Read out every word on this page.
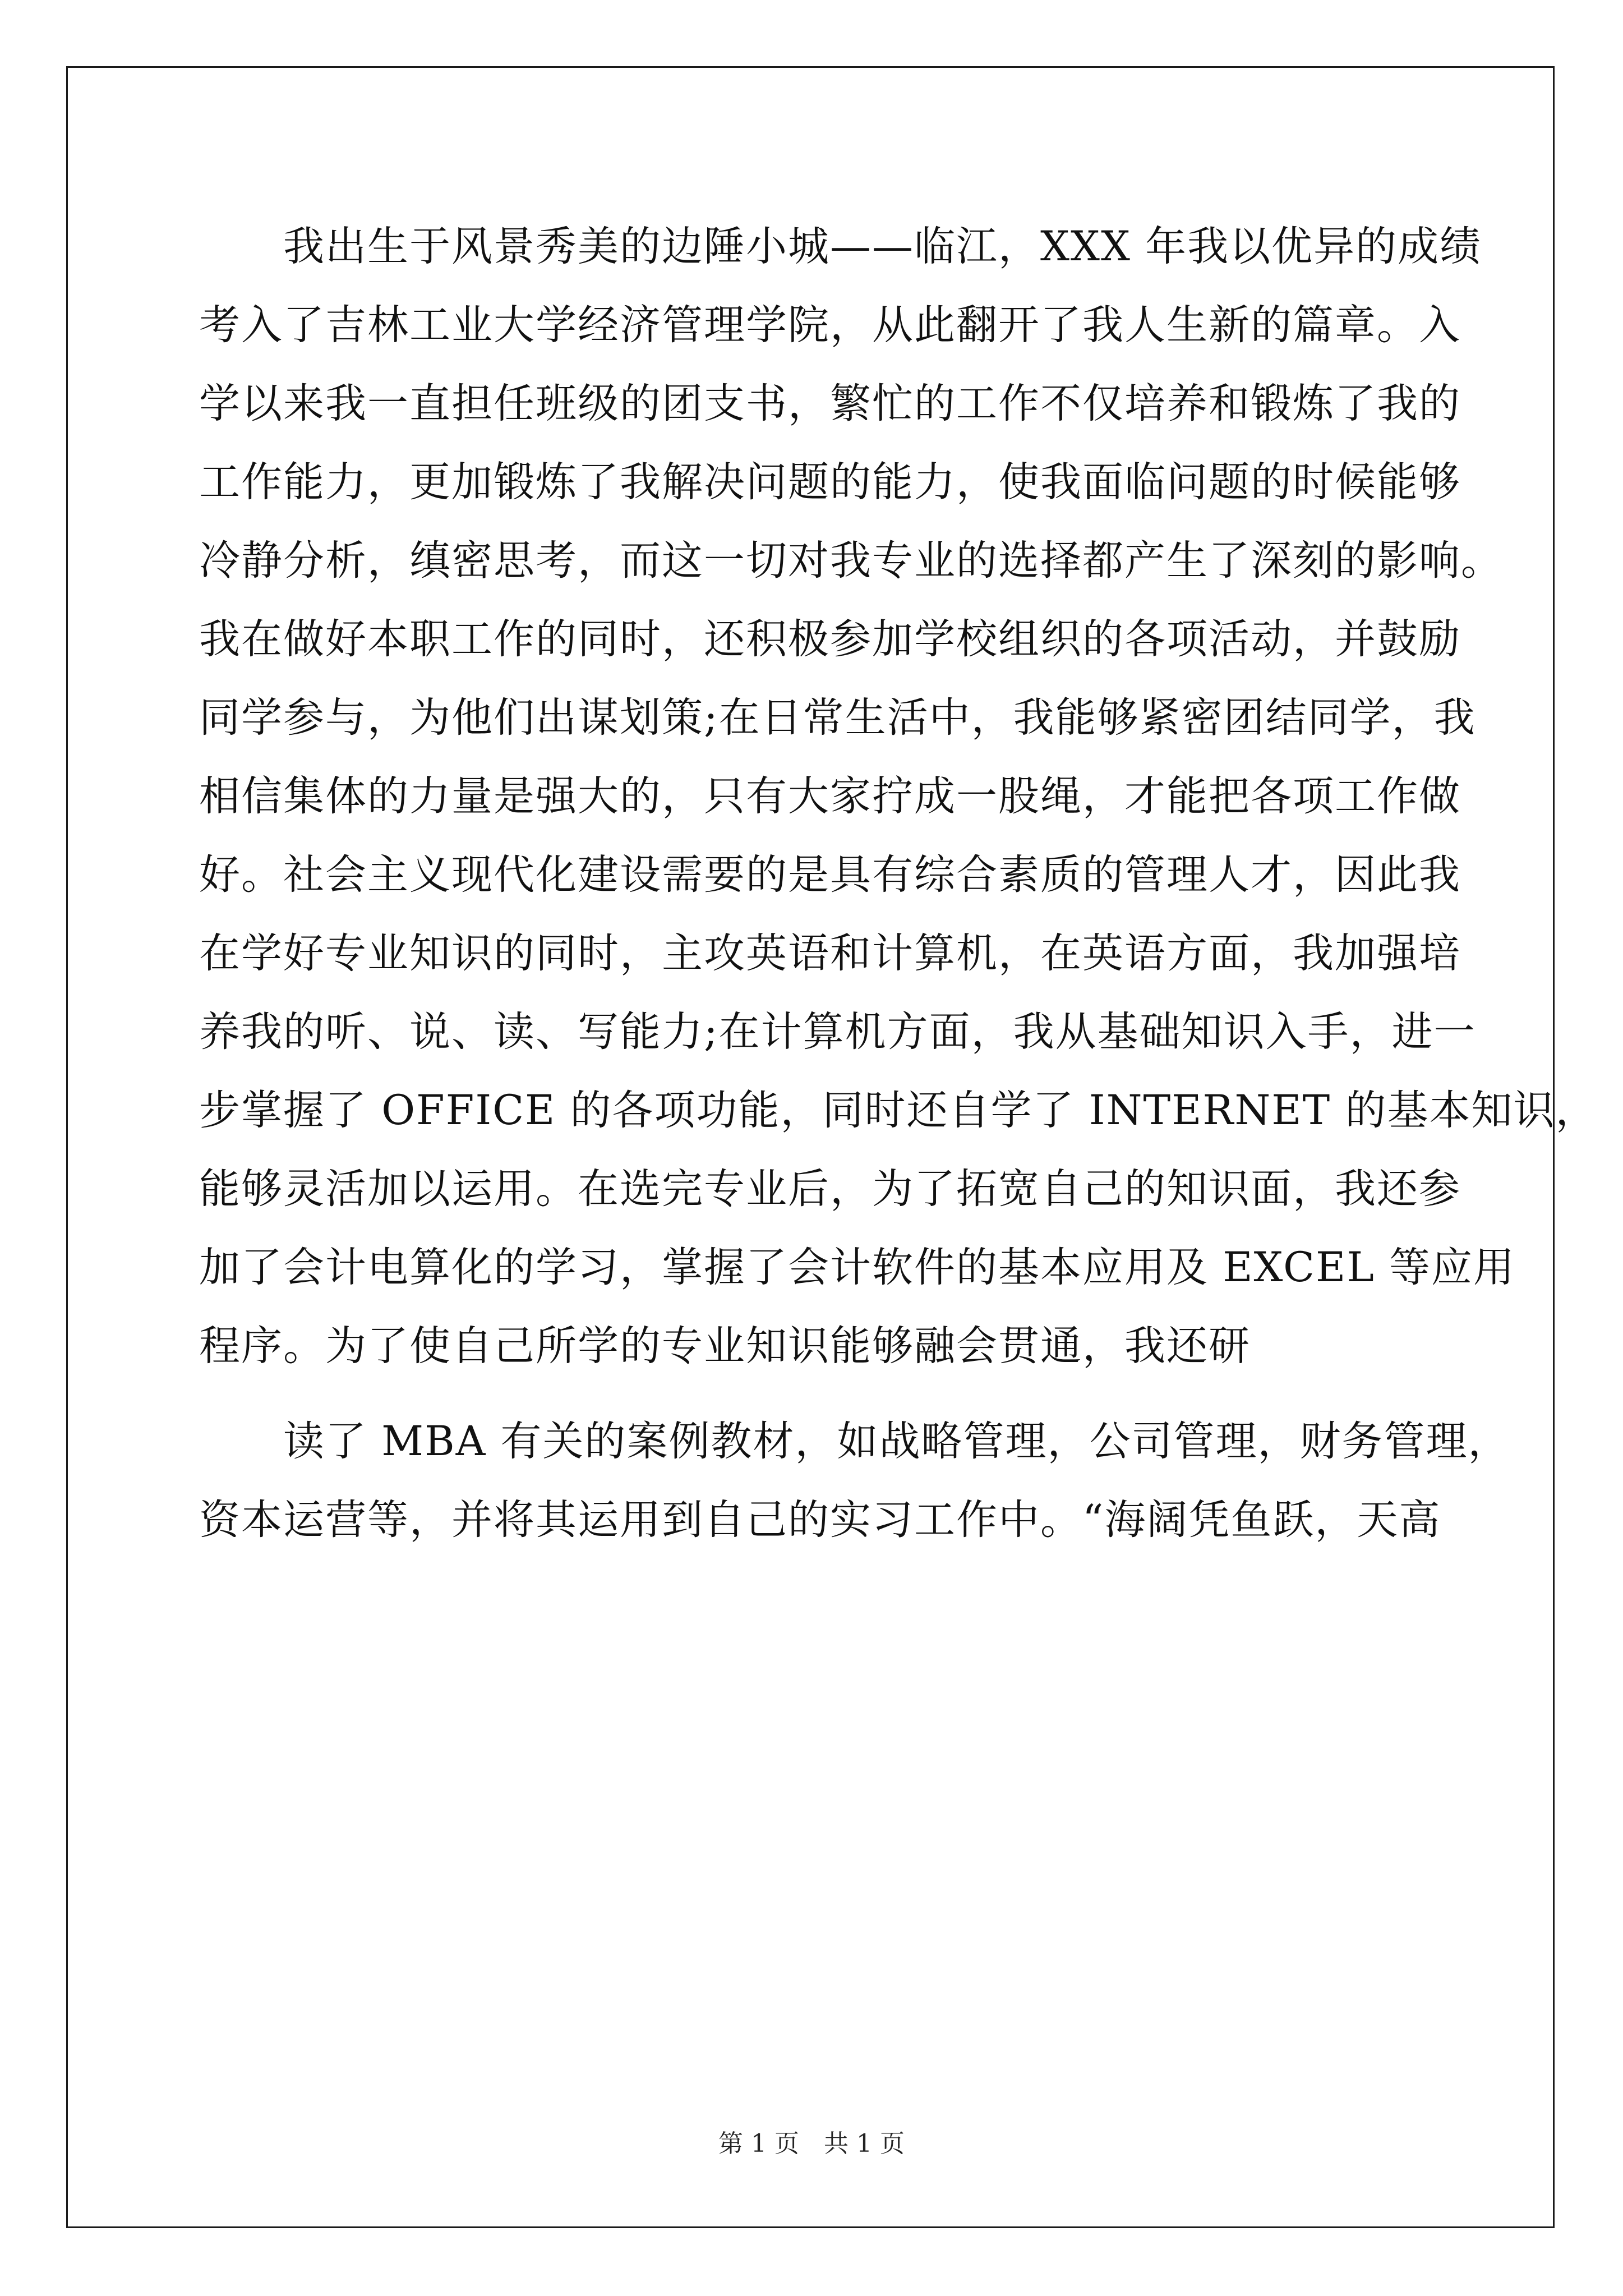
　　我出生于风景秀美的边陲小城——临江，XXX 年我以优异的成绩
考入了吉林工业大学经济管理学院，从此翻开了我人生新的篇章。入
学以来我一直担任班级的团支书，繁忙的工作不仅培养和锻炼了我的
工作能力，更加锻炼了我解决问题的能力，使我面临问题的时候能够
冷静分析，缜密思考，而这一切对我专业的选择都产生了深刻的影响。
我在做好本职工作的同时，还积极参加学校组织的各项活动，并鼓励
同学参与，为他们出谋划策;在日常生活中，我能够紧密团结同学，我
相信集体的力量是强大的，只有大家拧成一股绳，才能把各项工作做
好。社会主义现代化建设需要的是具有综合素质的管理人才，因此我
在学好专业知识的同时，主攻英语和计算机，在英语方面，我加强培
养我的听、说、读、写能力;在计算机方面，我从基础知识入手，进一
步掌握了 OFFICE 的各项功能，同时还自学了 INTERNET 的基本知识，
能够灵活加以运用。在选完专业后，为了拓宽自己的知识面，我还参
加了会计电算化的学习，掌握了会计软件的基本应用及 EXCEL 等应用
程序。为了使自己所学的专业知识能够融会贯通，我还研
　　读了 MBA 有关的案例教材，如战略管理，公司管理，财务管理，
资本运营等，并将其运用到自己的实习工作中。“海阔凭鱼跃，天高
第 1 页　共 1 页
